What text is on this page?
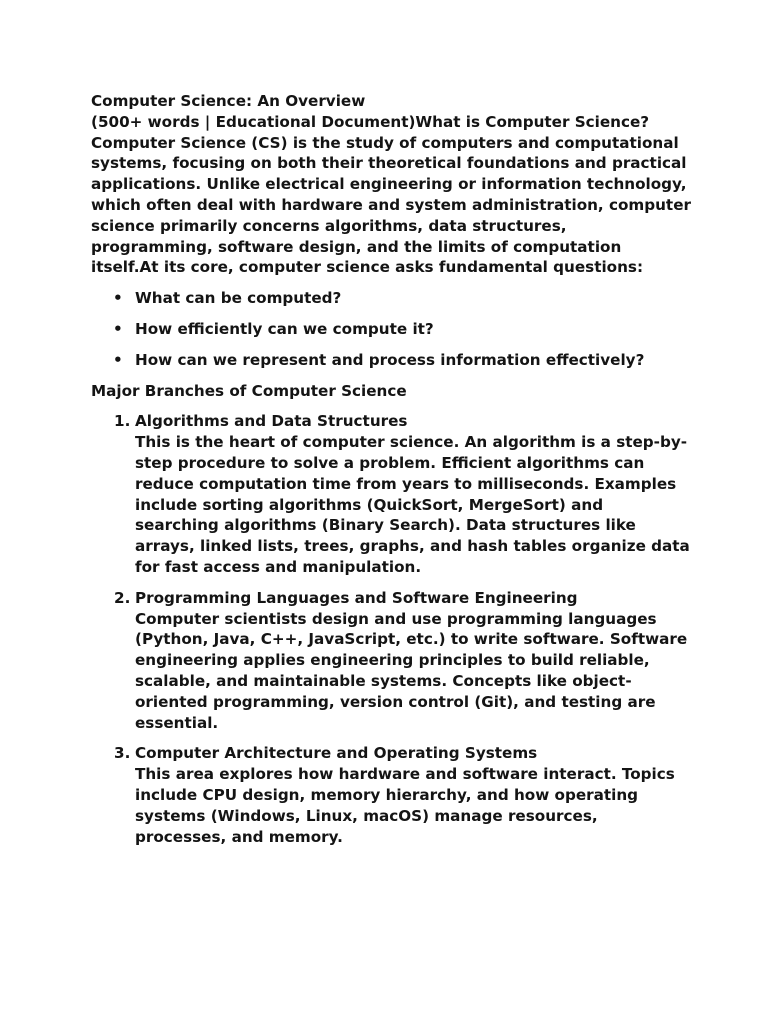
Computer Science: An Overview

(500+ words | Educational Document)What is Computer Science? Computer Science (CS) is the study of computers and computational systems, focusing on both their theoretical foundations and practical applications. Unlike electrical engineering or information technology, which often deal with hardware and system administration, computer science primarily concerns algorithms, data structures, programming, software design, and the limits of computation itself.At its core, computer science asks fundamental questions:

• What can be computed?
• How efficiently can we compute it?
• How can we represent and process information effectively?

Major Branches of Computer Science

1. Algorithms and Data Structures
This is the heart of computer science. An algorithm is a step-by-step procedure to solve a problem. Efficient algorithms can reduce computation time from years to milliseconds. Examples include sorting algorithms (QuickSort, MergeSort) and searching algorithms (Binary Search). Data structures like arrays, linked lists, trees, graphs, and hash tables organize data for fast access and manipulation.
2. Programming Languages and Software Engineering
Computer scientists design and use programming languages (Python, Java, C++, JavaScript, etc.) to write software. Software engineering applies engineering principles to build reliable, scalable, and maintainable systems. Concepts like object-oriented programming, version control (Git), and testing are essential.
3. Computer Architecture and Operating Systems
This area explores how hardware and software interact. Topics include CPU design, memory hierarchy, and how operating systems (Windows, Linux, macOS) manage resources, processes, and memory.
